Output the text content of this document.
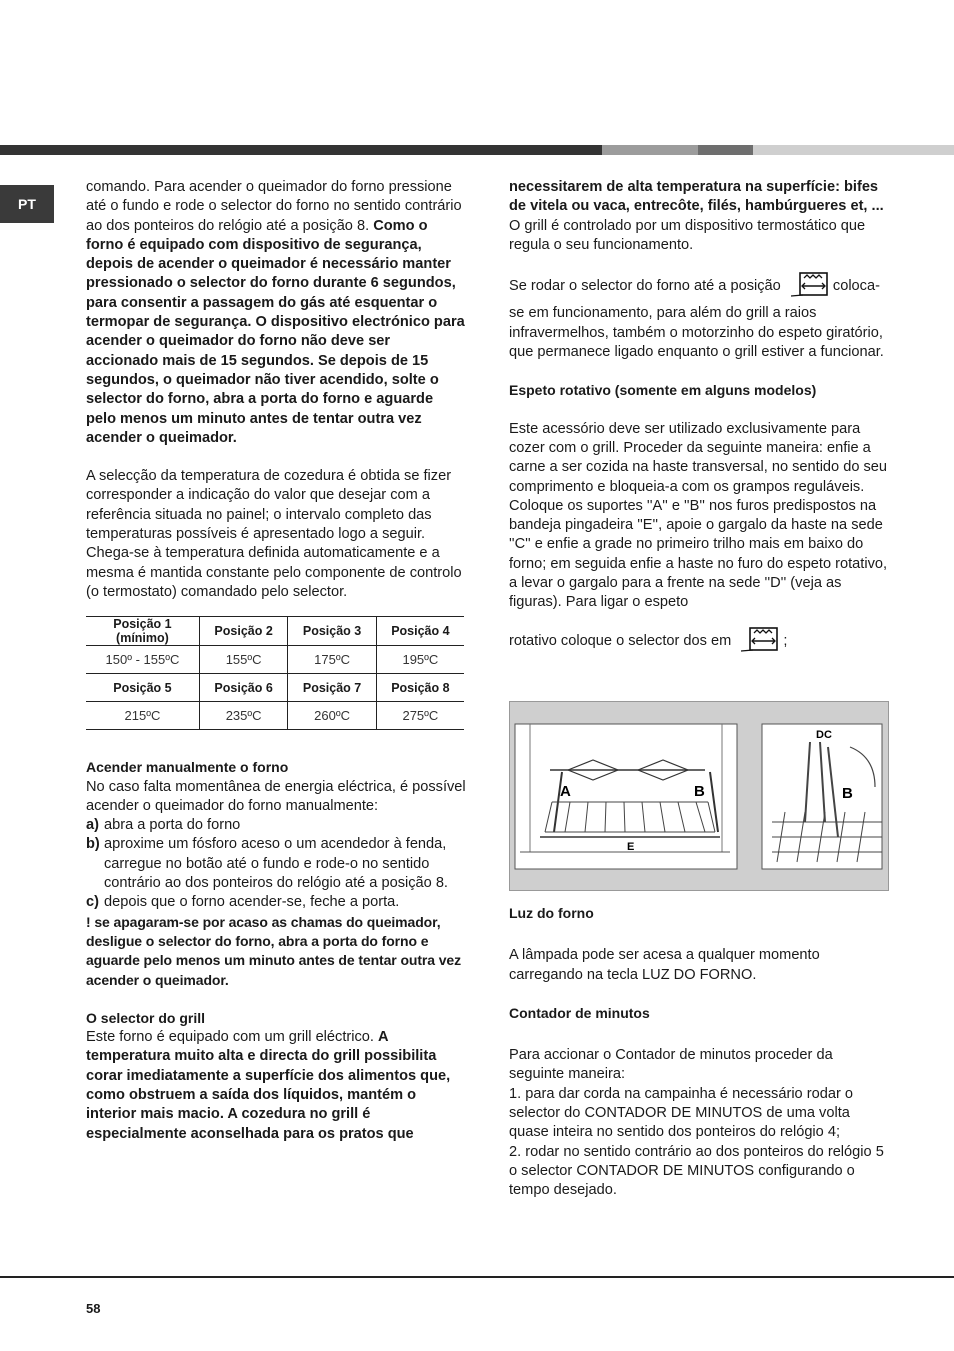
PT

comando. Para acender o queimador do forno pressione até o fundo e rode o selector do forno no sentido contrário ao dos ponteiros do relógio até a posição 8. Como o forno é equipado com dispositivo de segurança, depois de acender o queimador é necessário manter pressionado o selector do forno durante 6 segundos, para consentir a passagem do gás até esquentar o termopar de segurança. O dispositivo electrónico para acender o queimador do forno não deve ser accionado mais de 15 segundos. Se depois de 15 segundos, o queimador não tiver acendido, solte o selector do forno, abra a porta do forno e aguarde pelo menos um minuto antes de tentar outra vez acender o queimador.

A selecção da temperatura de cozedura é obtida se fizer corresponder a indicação do valor que desejar com a referência situada no painel; o intervalo completo das temperaturas possíveis é apresentado logo a seguir. Chega-se à temperatura definida automaticamente e a mesma é mantida constante pelo componente de controlo (o termostato) comandado pelo selector.

Posição 1 (mínimo)	Posição 2	Posição 3	Posição 4
150º - 155ºC	155ºC	175ºC	195ºC
Posição 5	Posição 6	Posição 7	Posição 8
215ºC	235ºC	260ºC	275ºC

Acender manualmente o forno

No caso falta momentânea de energia eléctrica, é possível acender o queimador do forno manualmente:

a) abra a porta do forno

b) aproxime um fósforo aceso o um acendedor à fenda, carregue no botão até o fundo e rode-o no sentido contrário ao dos ponteiros do relógio até a posição 8.

c) depois que o forno acender-se, feche a porta.

! se apagaram-se por acaso as chamas do queimador, desligue o selector do forno, abra a porta do forno e aguarde pelo menos um minuto antes de tentar outra vez acender o queimador.

O selector do grill

Este forno é equipado com um grill eléctrico. A temperatura muito alta e directa do grill possibilita corar imediatamente a superfície dos alimentos que, como obstruem a saída dos líquidos, mantém o interior mais macio. A cozedura no grill é especialmente aconselhada para os pratos que

necessitarem de alta temperatura na superfície: bifes de vitela ou vaca, entrecôte, filés, hambúrgueres et, ...

O grill é controlado por um dispositivo termostático que regula o seu funcionamento.

Se rodar o selector do forno até a posição	coloca-se em funcionamento, para além do grill a raios infravermelhos, também o motorzinho do espeto giratório, que permanece ligado enquanto o grill estiver a funcionar.

Espeto rotativo (somente em alguns modelos)

Este acessório deve ser utilizado exclusivamente para cozer com o grill. Proceder da seguinte maneira: enfie a carne a ser cozida na haste transversal, no sentido do seu comprimento e bloqueia-a com os grampos reguláveis. Coloque os suportes ''A'' e ''B'' nos furos predispostos na bandeja pingadeira ''E'', apoie o gargalo da haste na sede ''C'' e enfie a grade no primeiro trilho mais em baixo do forno; em seguida enfie a haste no furo do espeto rotativo, a levar o gargalo para a frente na sede ''D'' (veja as figuras). Para ligar o espeto

rotativo coloque o selector dos em	;

A	B
E
DC
B

Luz do forno

A lâmpada pode ser acesa a qualquer momento carregando na tecla LUZ DO FORNO.

Contador de minutos

Para accionar o Contador de minutos proceder da seguinte maneira:

1. para dar corda na campainha é necessário rodar o selector do CONTADOR DE MINUTOS de uma volta quase inteira no sentido dos ponteiros do relógio 4;

2. rodar no sentido contrário ao dos ponteiros do relógio 5 o selector CONTADOR DE MINUTOS configurando o tempo desejado.

58
